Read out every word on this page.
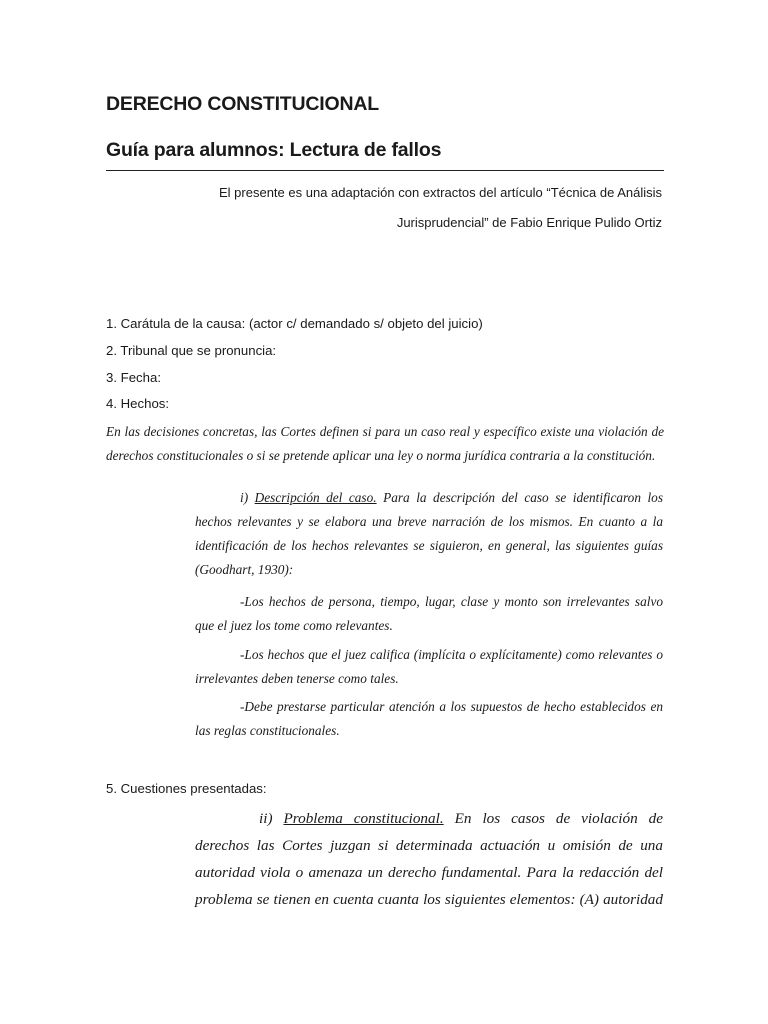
DERECHO CONSTITUCIONAL
Guía para alumnos: Lectura de fallos
El presente es una adaptación con extractos del artículo “Técnica de Análisis
Jurisprudencial” de Fabio Enrique Pulido Ortiz
1. Carátula de la causa: (actor c/ demandado s/ objeto del juicio)
2. Tribunal que se pronuncia:
3. Fecha:
4. Hechos:

En las decisiones concretas, las Cortes definen si para un caso real y específico existe una violación de derechos constitucionales o si se pretende aplicar una ley o norma jurídica contraria a la constitución.

i) Descripción del caso. Para la descripción del caso se identificaron los hechos relevantes y se elabora una breve narración de los mismos. En cuanto a la identificación de los hechos relevantes se siguieron, en general, las siguientes guías (Goodhart, 1930):

-Los hechos de persona, tiempo, lugar, clase y monto son irrelevantes salvo que el juez los tome como relevantes.

-Los hechos que el juez califica (implícita o explícitamente) como relevantes o irrelevantes deben tenerse como tales.

-Debe prestarse particular atención a los supuestos de hecho establecidos en las reglas constitucionales.

5. Cuestiones presentadas:

ii) Problema constitucional. En los casos de violación de derechos las Cortes juzgan si determinada actuación u omisión de una autoridad viola o amenaza un derecho fundamental. Para la redacción del problema se tienen en cuenta cuanta los siguientes elementos: (A) autoridad
